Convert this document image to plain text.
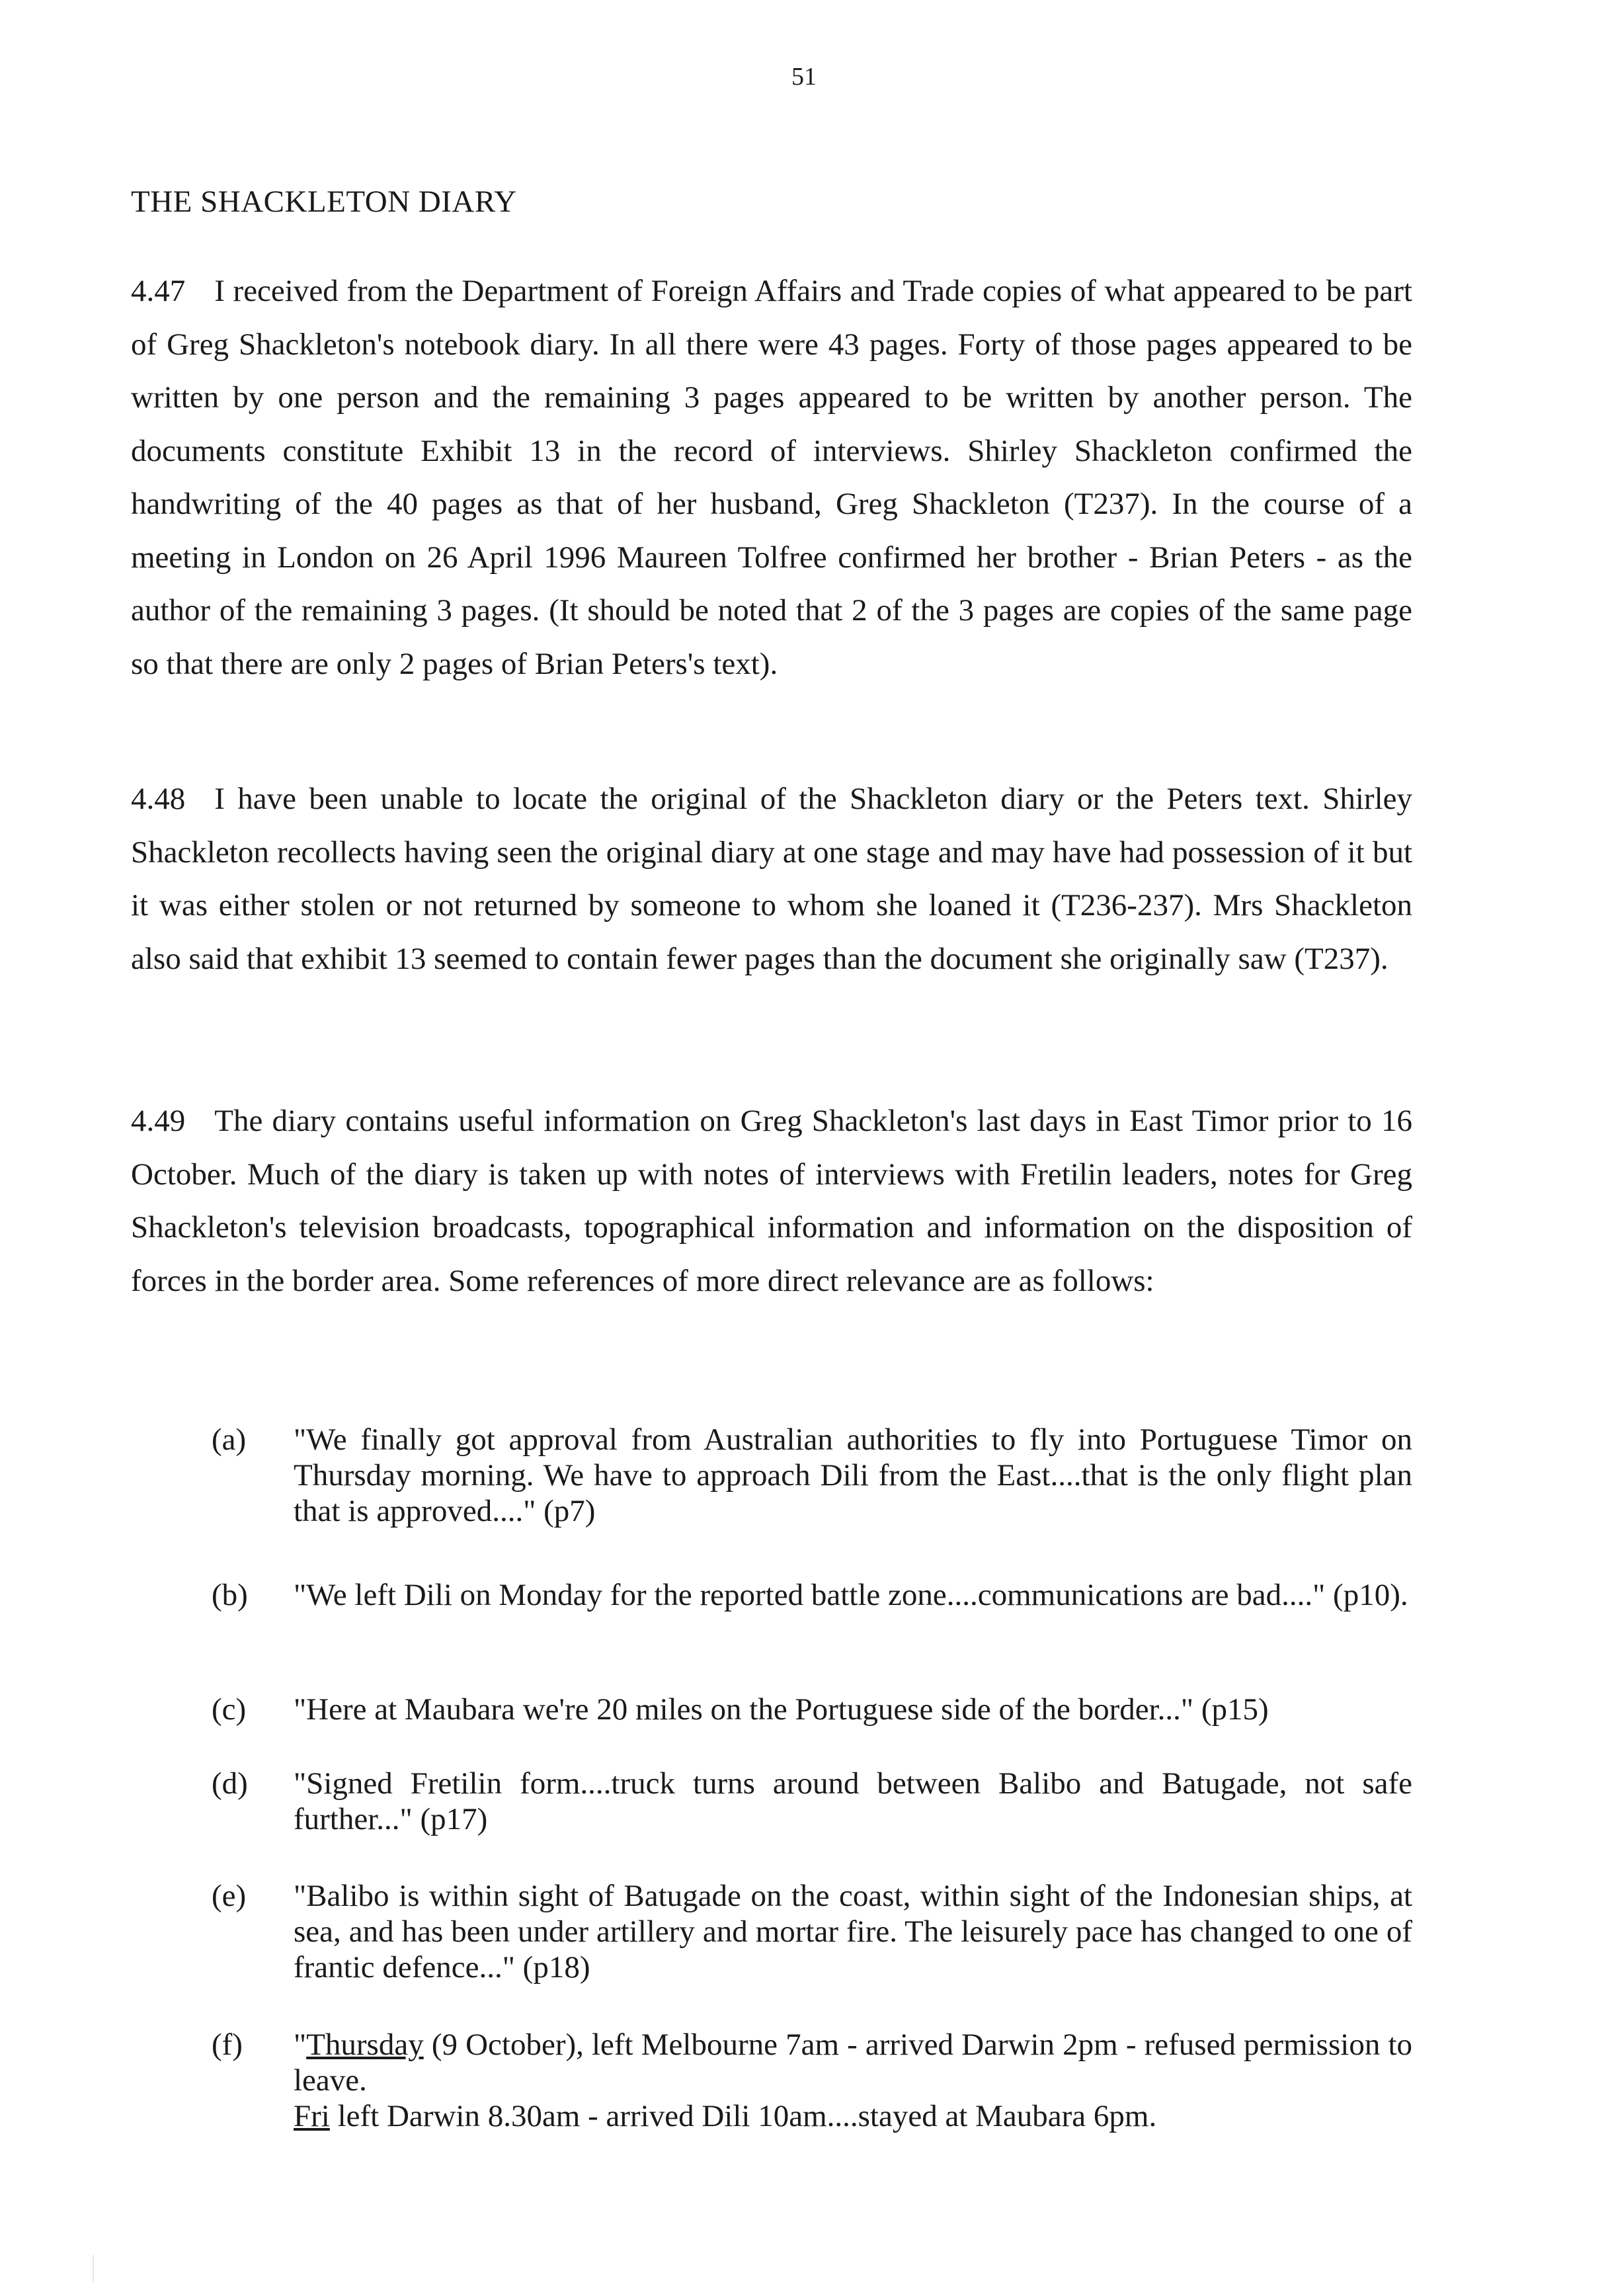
51
THE SHACKLETON DIARY

4.47 I received from the Department of Foreign Affairs and Trade copies of what appeared to be part of Greg Shackleton's notebook diary. In all there were 43 pages. Forty of those pages appeared to be written by one person and the remaining 3 pages appeared to be written by another person. The documents constitute Exhibit 13 in the record of interviews. Shirley Shackleton confirmed the handwriting of the 40 pages as that of her husband, Greg Shackleton (T237). In the course of a meeting in London on 26 April 1996 Maureen Tolfree confirmed her brother - Brian Peters - as the author of the remaining 3 pages. (It should be noted that 2 of the 3 pages are copies of the same page so that there are only 2 pages of Brian Peters's text).

4.48 I have been unable to locate the original of the Shackleton diary or the Peters text. Shirley Shackleton recollects having seen the original diary at one stage and may have had possession of it but it was either stolen or not returned by someone to whom she loaned it (T236-237). Mrs Shackleton also said that exhibit 13 seemed to contain fewer pages than the document she originally saw (T237).

4.49 The diary contains useful information on Greg Shackleton's last days in East Timor prior to 16 October. Much of the diary is taken up with notes of interviews with Fretilin leaders, notes for Greg Shackleton's television broadcasts, topographical information and information on the disposition of forces in the border area. Some references of more direct relevance are as follows:

(a) "We finally got approval from Australian authorities to fly into Portuguese Timor on Thursday morning. We have to approach Dili from the East....that is the only flight plan that is approved...." (p7)

(b) "We left Dili on Monday for the reported battle zone....communications are bad...." (p10).

(c) "Here at Maubara we're 20 miles on the Portuguese side of the border..." (p15)

(d) "Signed Fretilin form....truck turns around between Balibo and Batugade, not safe further..." (p17)

(e) "Balibo is within sight of Batugade on the coast, within sight of the Indonesian ships, at sea, and has been under artillery and mortar fire. The leisurely pace has changed to one of frantic defence..." (p18)

(f) "Thursday (9 October), left Melbourne 7am - arrived Darwin 2pm - refused permission to leave.
Fri left Darwin 8.30am - arrived Dili 10am....stayed at Maubara 6pm.
